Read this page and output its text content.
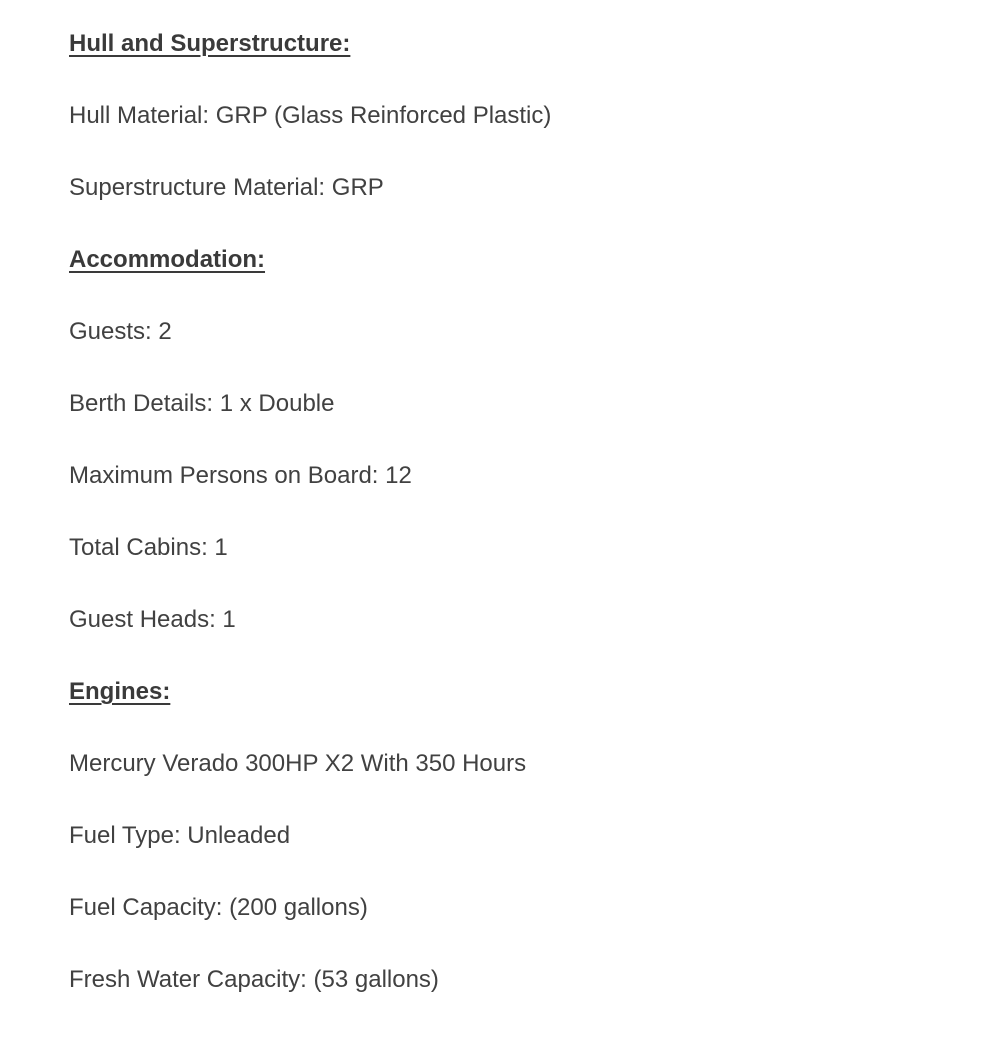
Hull and Superstructure:

Hull Material: GRP (Glass Reinforced Plastic)

Superstructure Material: GRP

Accommodation:

Guests: 2

Berth Details: 1 x Double

Maximum Persons on Board: 12

Total Cabins: 1

Guest Heads: 1

Engines:

Mercury Verado 300HP X2 With 350 Hours

Fuel Type: Unleaded

Fuel Capacity: (200 gallons)

Fresh Water Capacity: (53 gallons)
